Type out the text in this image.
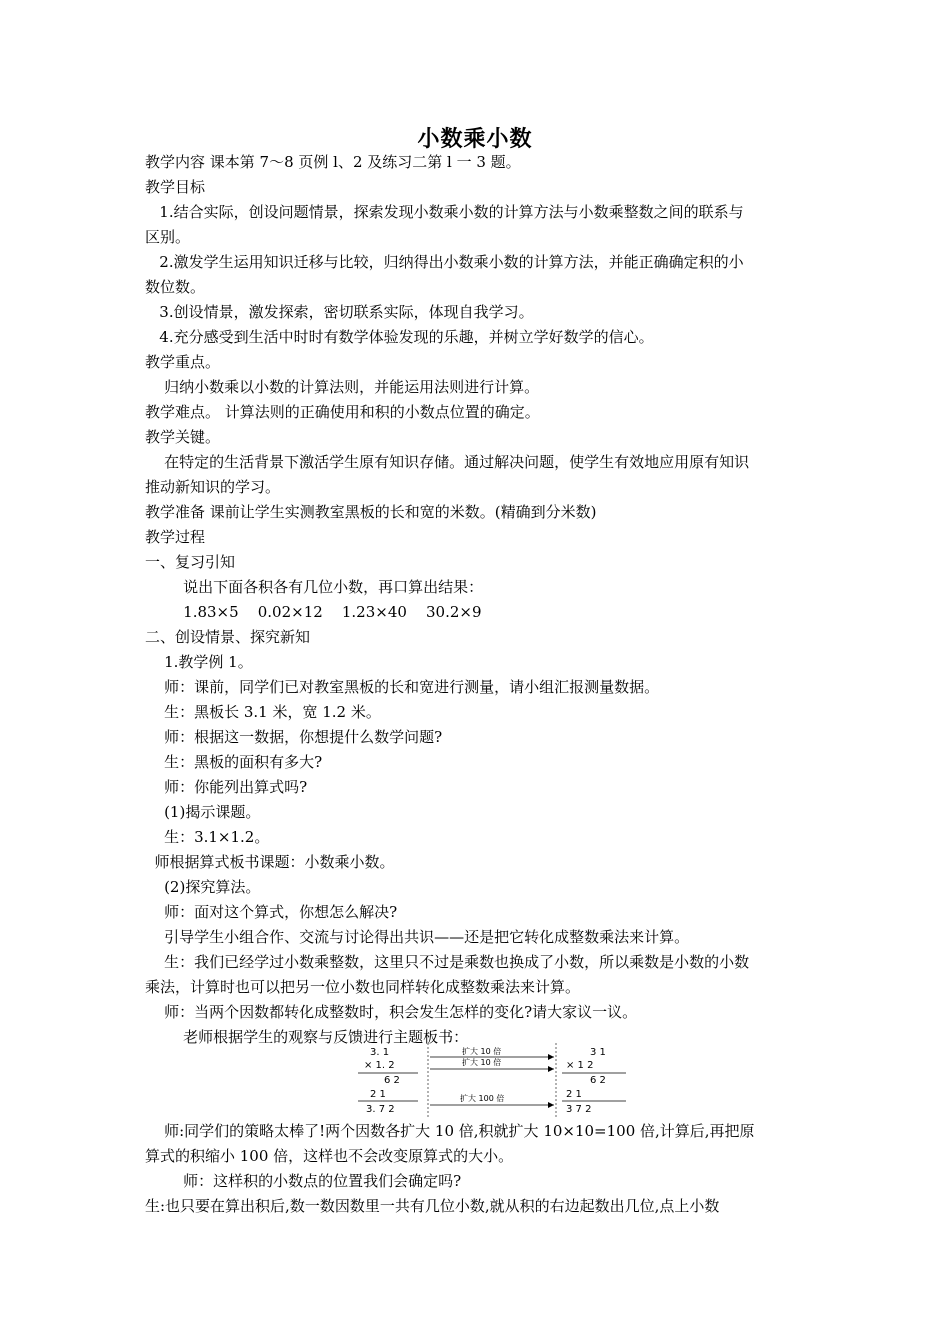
小数乘小数
教学内容 课本第 7～8 页例 l、2 及练习二第 l 一 3 题。
教学目标
1.结合实际，创设问题情景，探索发现小数乘小数的计算方法与小数乘整数之间的联系与
区别。
2.激发学生运用知识迁移与比较，归纳得出小数乘小数的计算方法，并能正确确定积的小
数位数。
3.创设情景，激发探索，密切联系实际，体现自我学习。
4.充分感受到生活中时时有数学体验发现的乐趣，并树立学好数学的信心。
教学重点。
归纳小数乘以小数的计算法则，并能运用法则进行计算。
教学难点。 计算法则的正确使用和积的小数点位置的确定。
教学关键。
在特定的生活背景下激活学生原有知识存储。通过解决问题，使学生有效地应用原有知识
推动新知识的学习。
教学准备 课前让学生实测教室黑板的长和宽的米数。(精确到分米数)
教学过程
一、复习引知
说出下面各积各有几位小数，再口算出结果：
1.83×5    0.02×12    1.23×40    30.2×9
二、创设情景、探究新知
1.教学例 1。
师：课前，同学们已对教室黑板的长和宽进行测量，请小组汇报测量数据。
生：黑板长 3.1 米，宽 1.2 米。
师：根据这一数据，你想提什么数学问题?
生：黑板的面积有多大?
师：你能列出算式吗?
(1)揭示课题。
生：3.1×1.2。
师根据算式板书课题：小数乘小数。
(2)探究算法。
师：面对这个算式，你想怎么解决?
引导学生小组合作、交流与讨论得出共识——还是把它转化成整数乘法来计算。
生：我们已经学过小数乘整数，这里只不过是乘数也换成了小数，所以乘数是小数的小数
乘法，计算时也可以把另一位小数也同样转化成整数乘法来计算。
师：当两个因数都转化成整数时，积会发生怎样的变化?请大家议一议。
老师根据学生的观察与反馈进行主题板书：
3. 1
× 1. 2
6 2
2 1
3. 7 2
扩大 10 倍
扩大 10 倍
扩大 100 倍
3 1
× 1 2
6 2
2 1
3 7 2
师:同学们的策略太棒了!两个因数各扩大 10 倍,积就扩大 10×10=100 倍,计算后,再把原
算式的积缩小 100 倍，这样也不会改变原算式的大小。
师：这样积的小数点的位置我们会确定吗?
生:也只要在算出积后,数一数因数里一共有几位小数,就从积的右边起数出几位,点上小数
